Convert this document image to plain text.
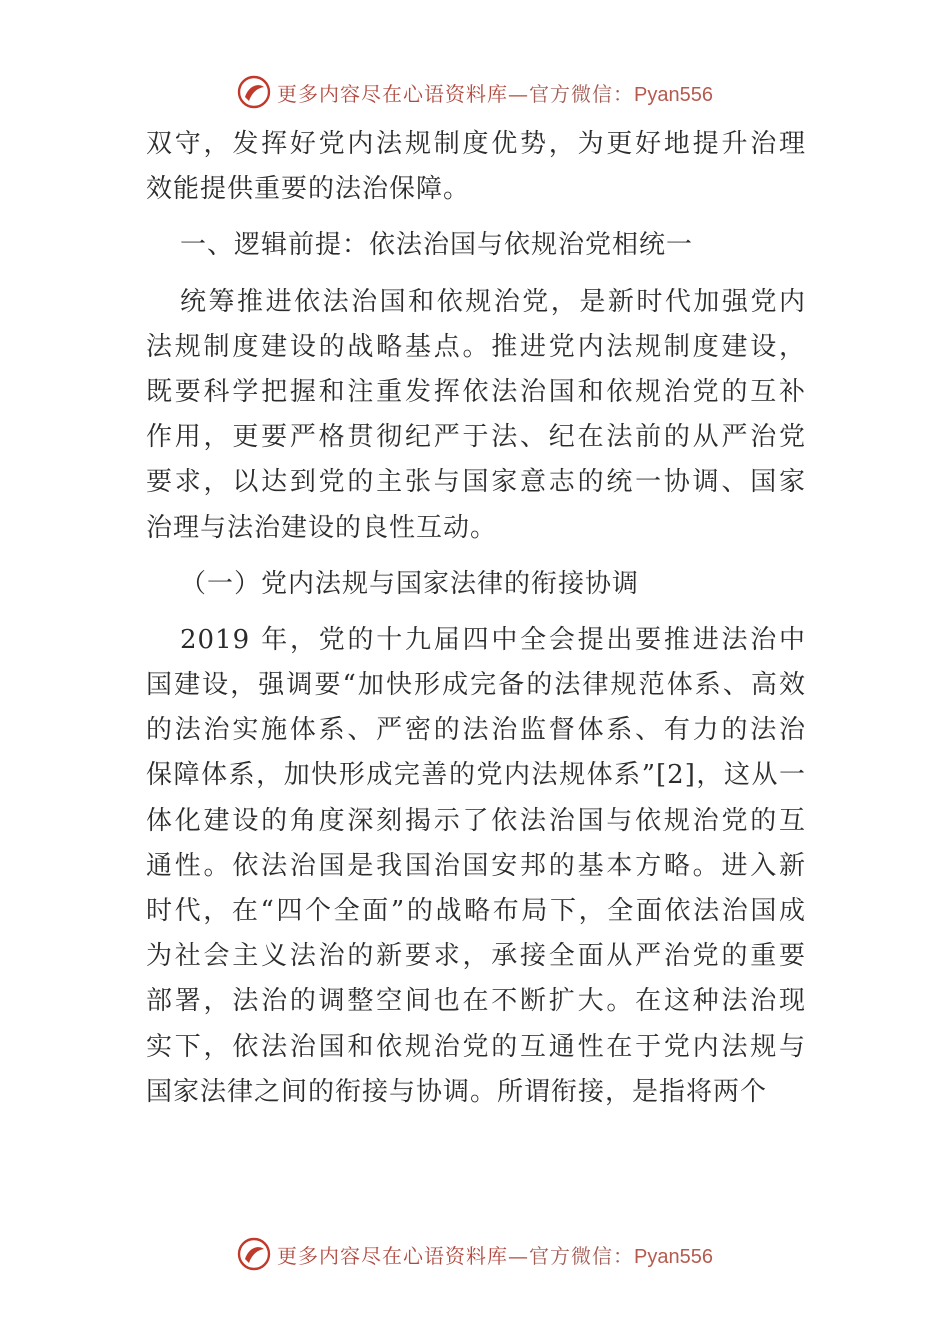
更多内容尽在心语资料库—官方微信：Pyan556
双守，发挥好党内法规制度优势，为更好地提升治理
效能提供重要的法治保障。
一、逻辑前提：依法治国与依规治党相统一
统筹推进依法治国和依规治党，是新时代加强党内
法规制度建设的战略基点。推进党内法规制度建设，
既要科学把握和注重发挥依法治国和依规治党的互补
作用，更要严格贯彻纪严于法、纪在法前的从严治党
要求，以达到党的主张与国家意志的统一协调、国家
治理与法治建设的良性互动。
（一）党内法规与国家法律的衔接协调
2019 年，党的十九届四中全会提出要推进法治中
国建设，强调要“加快形成完备的法律规范体系、高效
的法治实施体系、严密的法治监督体系、有力的法治
保障体系，加快形成完善的党内法规体系”[2]，这从一
体化建设的角度深刻揭示了依法治国与依规治党的互
通性。依法治国是我国治国安邦的基本方略。进入新
时代，在“四个全面”的战略布局下，全面依法治国成
为社会主义法治的新要求，承接全面从严治党的重要
部署，法治的调整空间也在不断扩大。在这种法治现
实下，依法治国和依规治党的互通性在于党内法规与
国家法律之间的衔接与协调。所谓衔接，是指将两个
更多内容尽在心语资料库—官方微信：Pyan556
